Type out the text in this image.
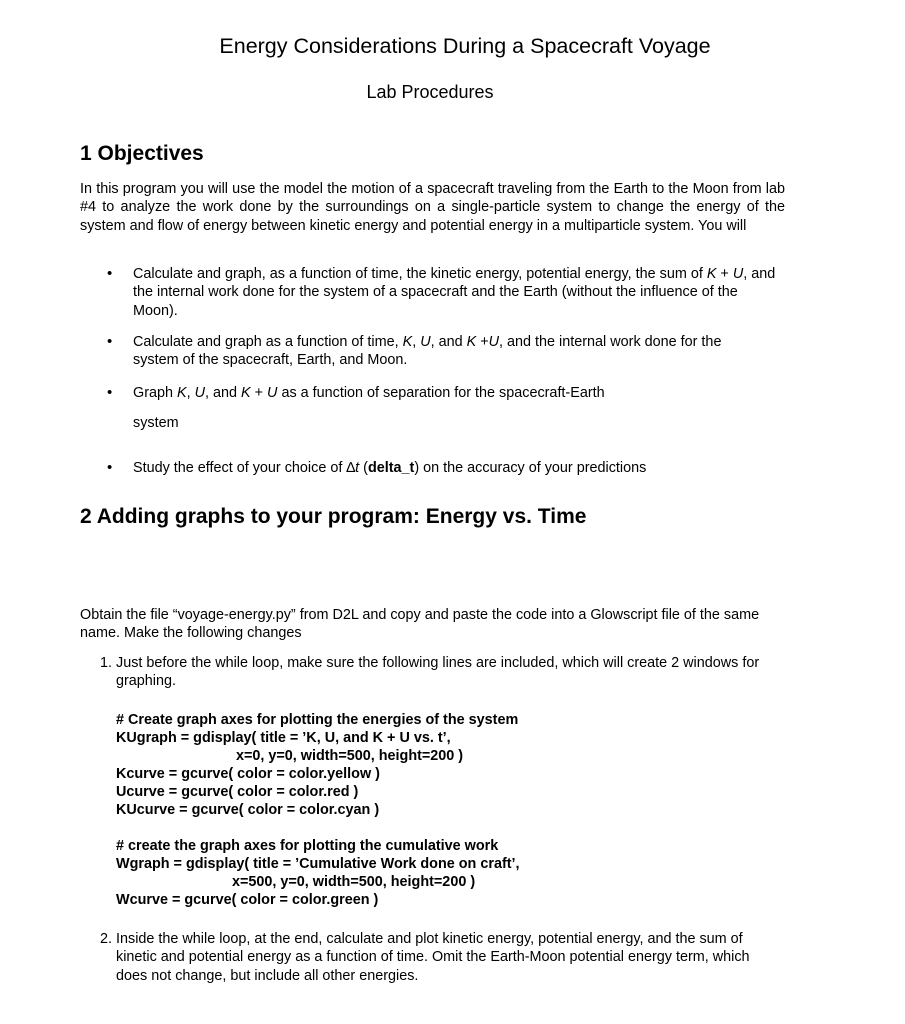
Energy Considerations During a Spacecraft Voyage
Lab Procedures
1 Objectives

In this program you will use the model the motion of a spacecraft traveling from the Earth to the Moon from lab #4 to analyze the work done by the surroundings on a single-particle system to change the energy of the system and flow of energy between kinetic energy and potential energy in a multiparticle system. You will

• Calculate and graph, as a function of time, the kinetic energy, potential energy, the sum of K + U, and the internal work done for the system of a spacecraft and the Earth (without the influence of the Moon).

• Calculate and graph as a function of time, K, U, and K +U, and the internal work done for the system of the spacecraft, Earth, and Moon.

• Graph K, U, and K + U as a function of separation for the spacecraft-Earth

system

• Study the effect of your choice of ∆t (delta_t) on the accuracy of your predictions

2 Adding graphs to your program: Energy vs. Time

Obtain the file “voyage-energy.py” from D2L and copy and paste the code into a Glowscript file of the same name. Make the following changes

1. Just before the while loop, make sure the following lines are included, which will create 2 windows for graphing.

# Create graph axes for plotting the energies of the system
KUgraph = gdisplay( title = ’K, U, and K + U vs. t’,
x=0, y=0, width=500, height=200 )
Kcurve = gcurve( color = color.yellow )
Ucurve = gcurve( color = color.red )
KUcurve = gcurve( color = color.cyan )
# create the graph axes for plotting the cumulative work
Wgraph = gdisplay( title = ’Cumulative Work done on craft’,
x=500, y=0, width=500, height=200 )
Wcurve = gcurve( color = color.green )
2. Inside the while loop, at the end, calculate and plot kinetic energy, potential energy, and the sum of kinetic and potential energy as a function of time. Omit the Earth-Moon potential energy term, which does not change, but include all other energies.
